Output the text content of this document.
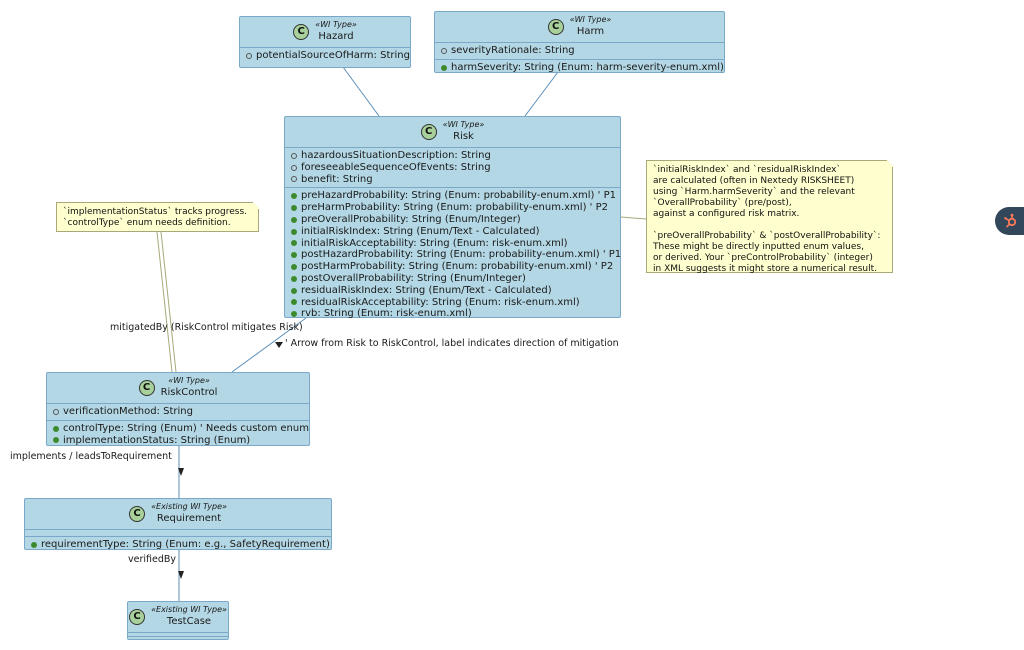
C
«WI Type»
Hazard
potentialSourceOfHarm: String
C
«WI Type»
Harm
severityRationale: String
harmSeverity: String (Enum: harm-severity-enum.xml)
C
«WI Type»
Risk
hazardousSituationDescription: String
foreseeableSequenceOfEvents: String
benefit: String
preHazardProbability: String (Enum: probability-enum.xml) ' P1
preHarmProbability: String (Enum: probability-enum.xml) ' P2
preOverallProbability: String (Enum/Integer)
initialRiskIndex: String (Enum/Text - Calculated)
initialRiskAcceptability: String (Enum: risk-enum.xml)
postHazardProbability: String (Enum: probability-enum.xml) ' P1
postHarmProbability: String (Enum: probability-enum.xml) ' P2
postOverallProbability: String (Enum/Integer)
residualRiskIndex: String (Enum/Text - Calculated)
residualRiskAcceptability: String (Enum: risk-enum.xml)
rvb: String (Enum: risk-enum.xml)
`initialRiskIndex` and `residualRiskIndex`
are calculated (often in Nextedy RISKSHEET)
using `Harm.harmSeverity` and the relevant
`OverallProbability` (pre/post),
against a configured risk matrix.

`preOverallProbability` & `postOverallProbability`:
These might be directly inputted enum values,
or derived. Your `preControlProbability` (integer)
in XML suggests it might store a numerical result.
`implementationStatus` tracks progress.
`controlType` enum needs definition.
mitigatedBy (RiskControl mitigates Risk)
' Arrow from Risk to RiskControl, label indicates direction of mitigation
implements / leadsToRequirement
verifiedBy
C
«WI Type»
RiskControl
verificationMethod: String
controlType: String (Enum) ' Needs custom enum
implementationStatus: String (Enum)
C
«Existing WI Type»
Requirement
requirementType: String (Enum: e.g., SafetyRequirement)
C
«Existing WI Type»
TestCase
